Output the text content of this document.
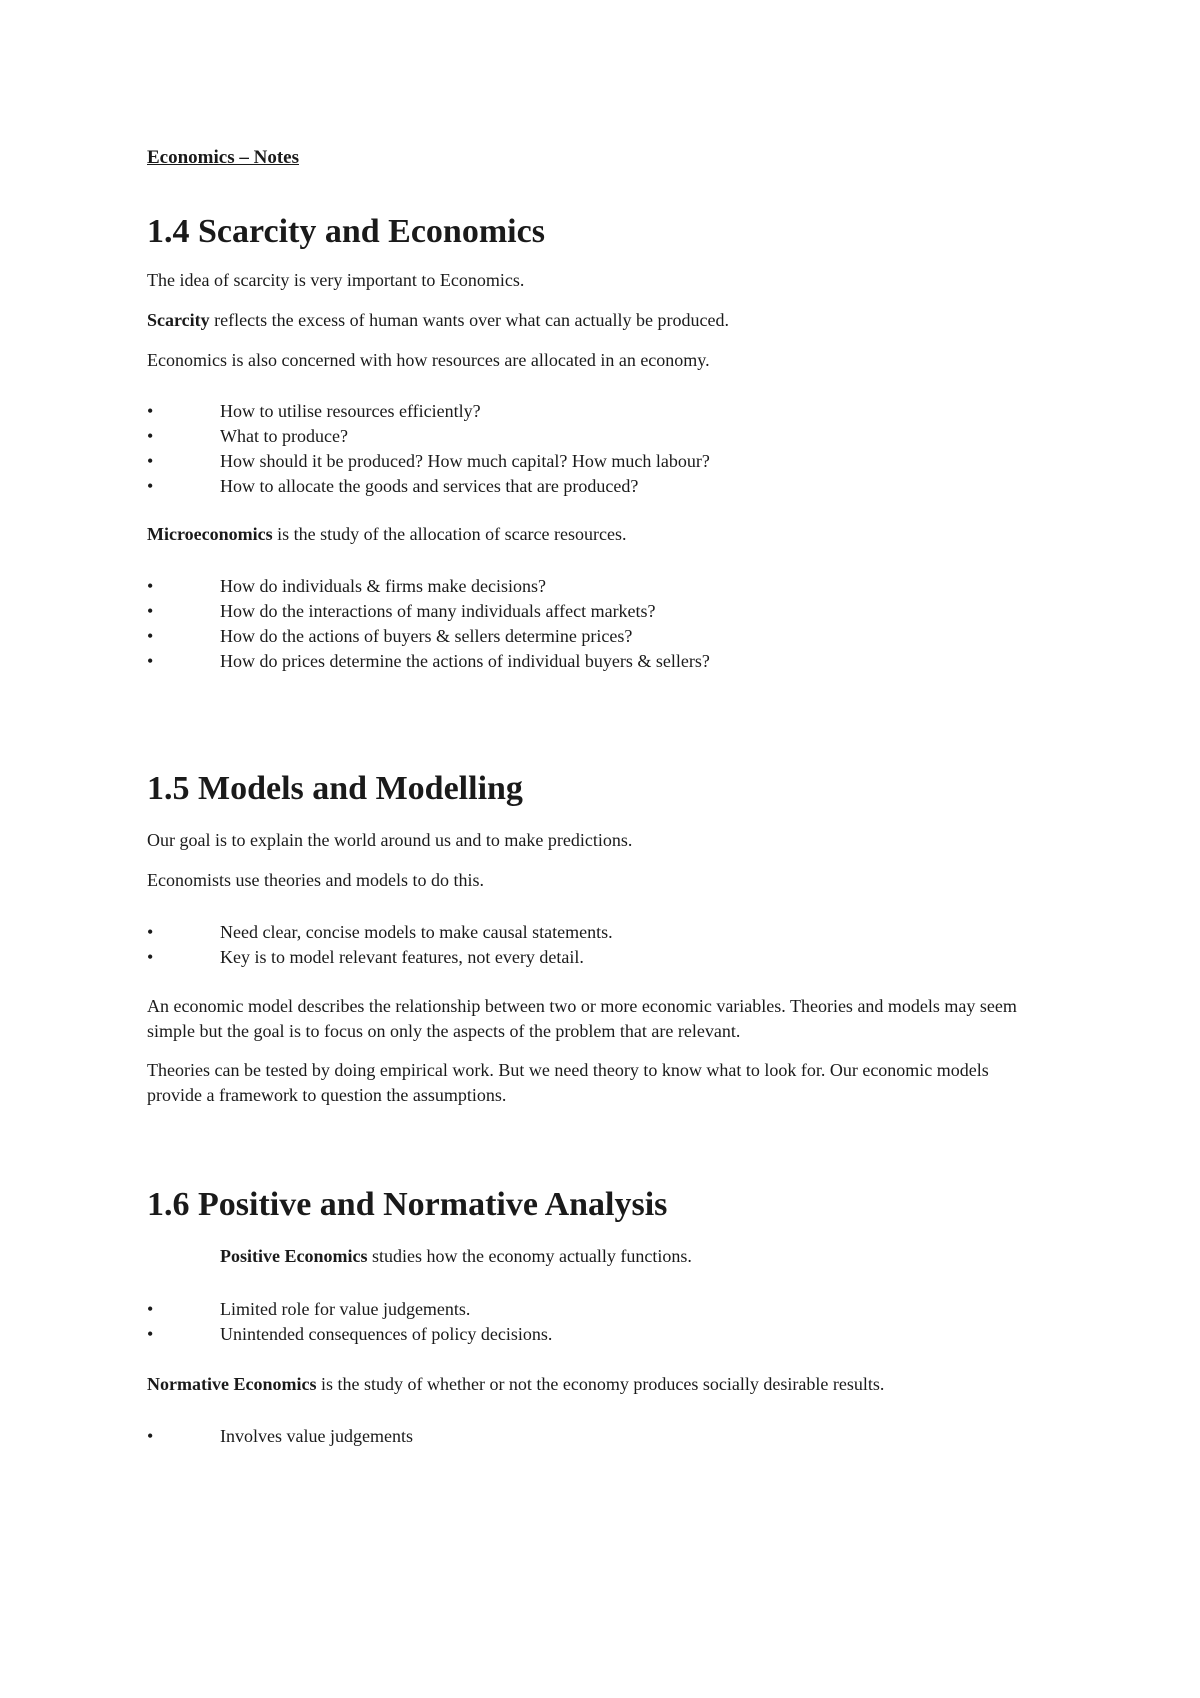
Economics – Notes
1.4 Scarcity and Economics

The idea of scarcity is very important to Economics.

Scarcity reflects the excess of human wants over what can actually be produced.

Economics is also concerned with how resources are allocated in an economy.

•	How to utilise resources efficiently?
•	What to produce?
•	How should it be produced? How much capital? How much labour?
•	How to allocate the goods and services that are produced?

Microeconomics is the study of the allocation of scarce resources.

•	How do individuals & firms make decisions?
•	How do the interactions of many individuals affect markets?
•	How do the actions of buyers & sellers determine prices?
•	How do prices determine the actions of individual buyers & sellers?
1.5 Models and Modelling

Our goal is to explain the world around us and to make predictions.

Economists use theories and models to do this.

•	Need clear, concise models to make causal statements.
•	Key is to model relevant features, not every detail.

An economic model describes the relationship between two or more economic variables. Theories and models may seem simple but the goal is to focus on only the aspects of the problem that are relevant.

Theories can be tested by doing empirical work. But we need theory to know what to look for. Our economic models provide a framework to question the assumptions.

1.6 Positive and Normative Analysis

Positive Economics studies how the economy actually functions.

•	Limited role for value judgements.
•	Unintended consequences of policy decisions.

Normative Economics is the study of whether or not the economy produces socially desirable results.

•	Involves value judgements
